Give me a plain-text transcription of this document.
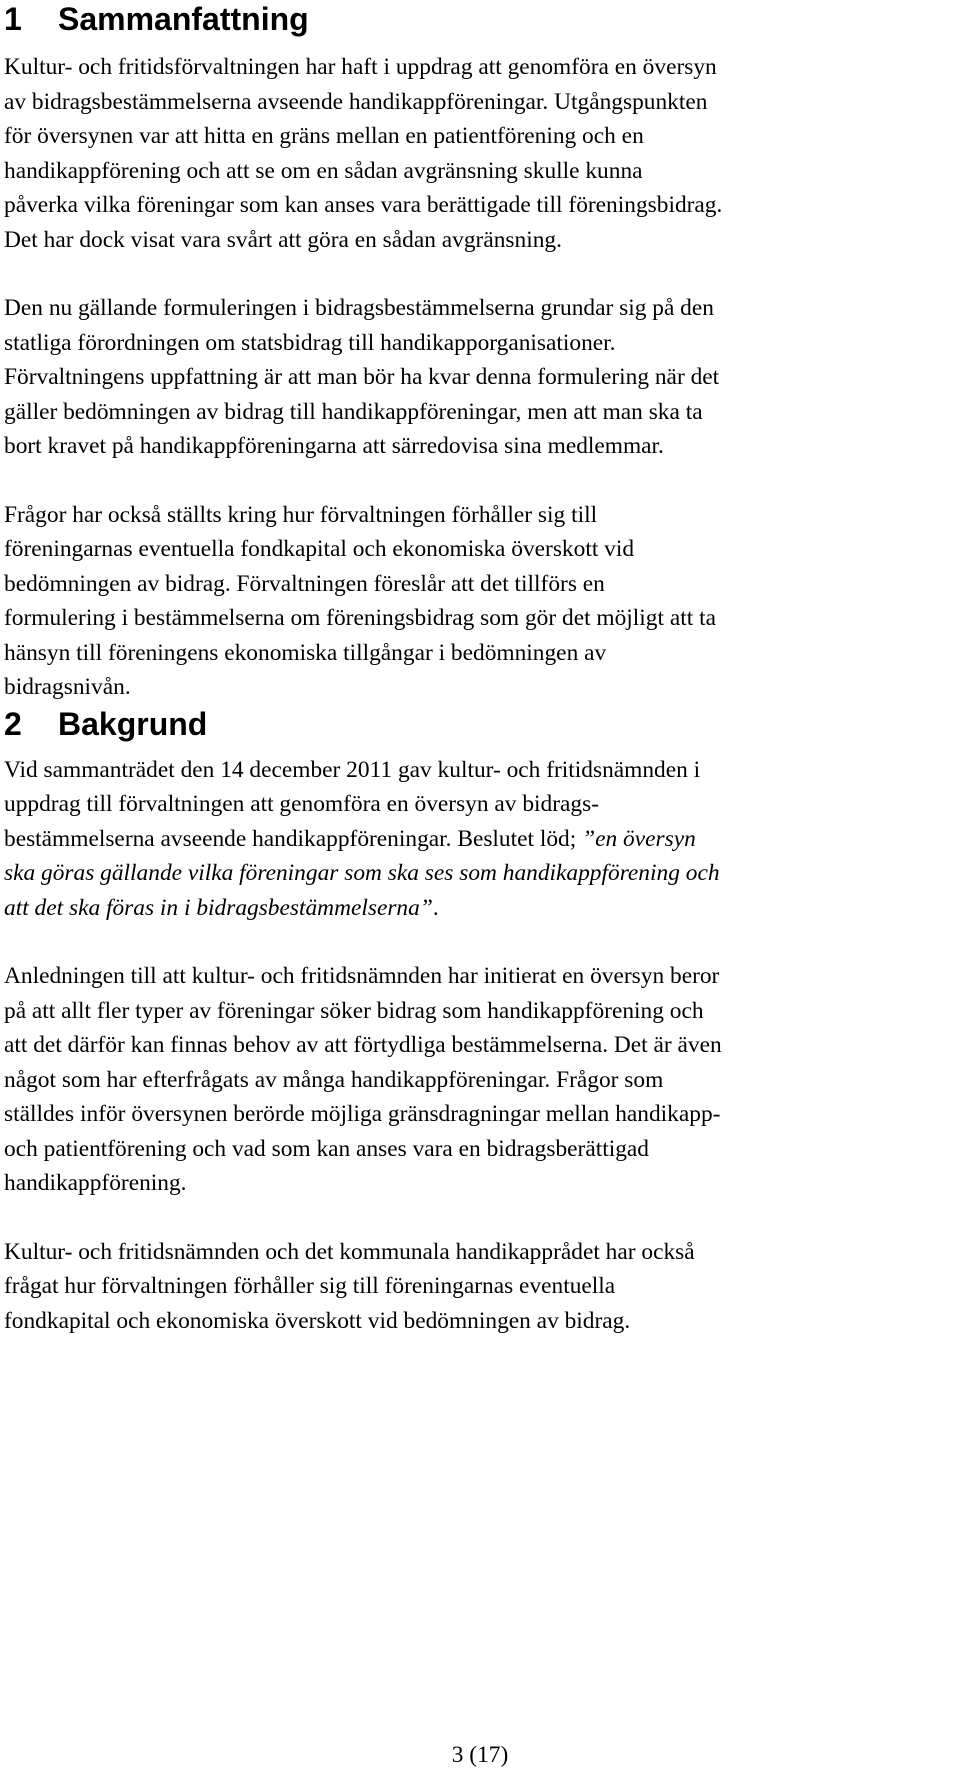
1 Sammanfattning

Kultur- och fritidsförvaltningen har haft i uppdrag att genomföra en översyn
av bidragsbestämmelserna avseende handikappföreningar. Utgångspunkten
för översynen var att hitta en gräns mellan en patientförening och en
handikappförening och att se om en sådan avgränsning skulle kunna
påverka vilka föreningar som kan anses vara berättigade till föreningsbidrag.
Det har dock visat vara svårt att göra en sådan avgränsning.

Den nu gällande formuleringen i bidragsbestämmelserna grundar sig på den
statliga förordningen om statsbidrag till handikapporganisationer.
Förvaltningens uppfattning är att man bör ha kvar denna formulering när det
gäller bedömningen av bidrag till handikappföreningar, men att man ska ta
bort kravet på handikappföreningarna att särredovisa sina medlemmar.

Frågor har också ställts kring hur förvaltningen förhåller sig till
föreningarnas eventuella fondkapital och ekonomiska överskott vid
bedömningen av bidrag. Förvaltningen föreslår att det tillförs en
formulering i bestämmelserna om föreningsbidrag som gör det möjligt att ta
hänsyn till föreningens ekonomiska tillgångar i bedömningen av
bidragsnivån.

2 Bakgrund

Vid sammanträdet den 14 december 2011 gav kultur- och fritidsnämnden i
uppdrag till förvaltningen att genomföra en översyn av bidrags-
bestämmelserna avseende handikappföreningar. Beslutet löd; ”en översyn
ska göras gällande vilka föreningar som ska ses som handikappförening och
att det ska föras in i bidragsbestämmelserna”.

Anledningen till att kultur- och fritidsnämnden har initierat en översyn beror
på att allt fler typer av föreningar söker bidrag som handikappförening och
att det därför kan finnas behov av att förtydliga bestämmelserna. Det är även
något som har efterfrågats av många handikappföreningar. Frågor som
ställdes inför översynen berörde möjliga gränsdragningar mellan handikapp-
och patientförening och vad som kan anses vara en bidragsberättigad
handikappförening.

Kultur- och fritidsnämnden och det kommunala handikapprådet har också
frågat hur förvaltningen förhåller sig till föreningarnas eventuella
fondkapital och ekonomiska överskott vid bedömningen av bidrag.

3 (17)
